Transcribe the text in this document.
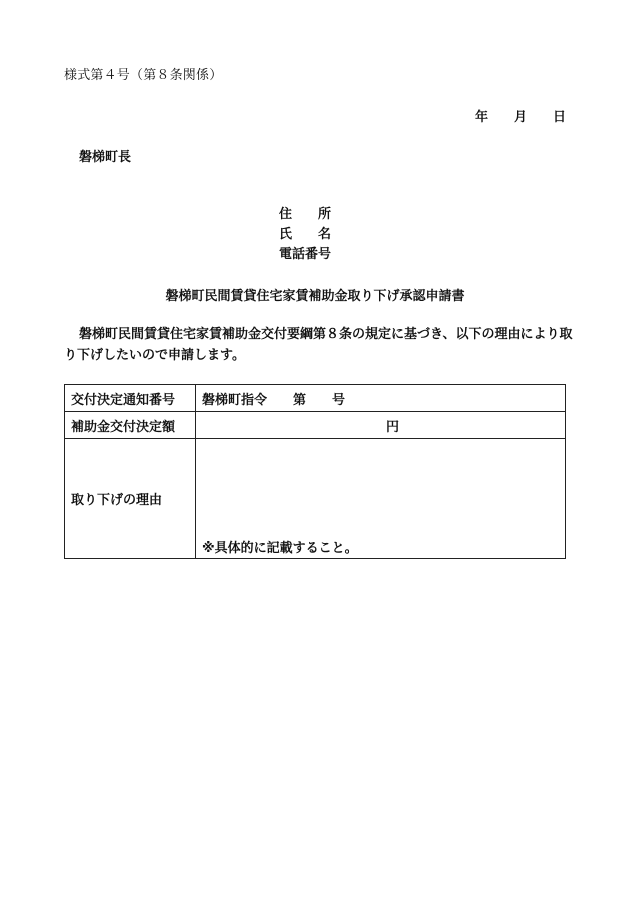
様式第４号（第８条関係）
年　　月　　日
磐梯町長
住　　所
氏　　名
電話番号
磐梯町民間賃貸住宅家賃補助金取り下げ承認申請書
磐梯町民間賃貸住宅家賃補助金交付要綱第８条の規定に基づき、以下の理由により取り下げしたいので申請します。
交付決定通知番号	磐梯町指令　　第　　号
補助金交付決定額	円
取り下げの理由	※具体的に記載すること。
